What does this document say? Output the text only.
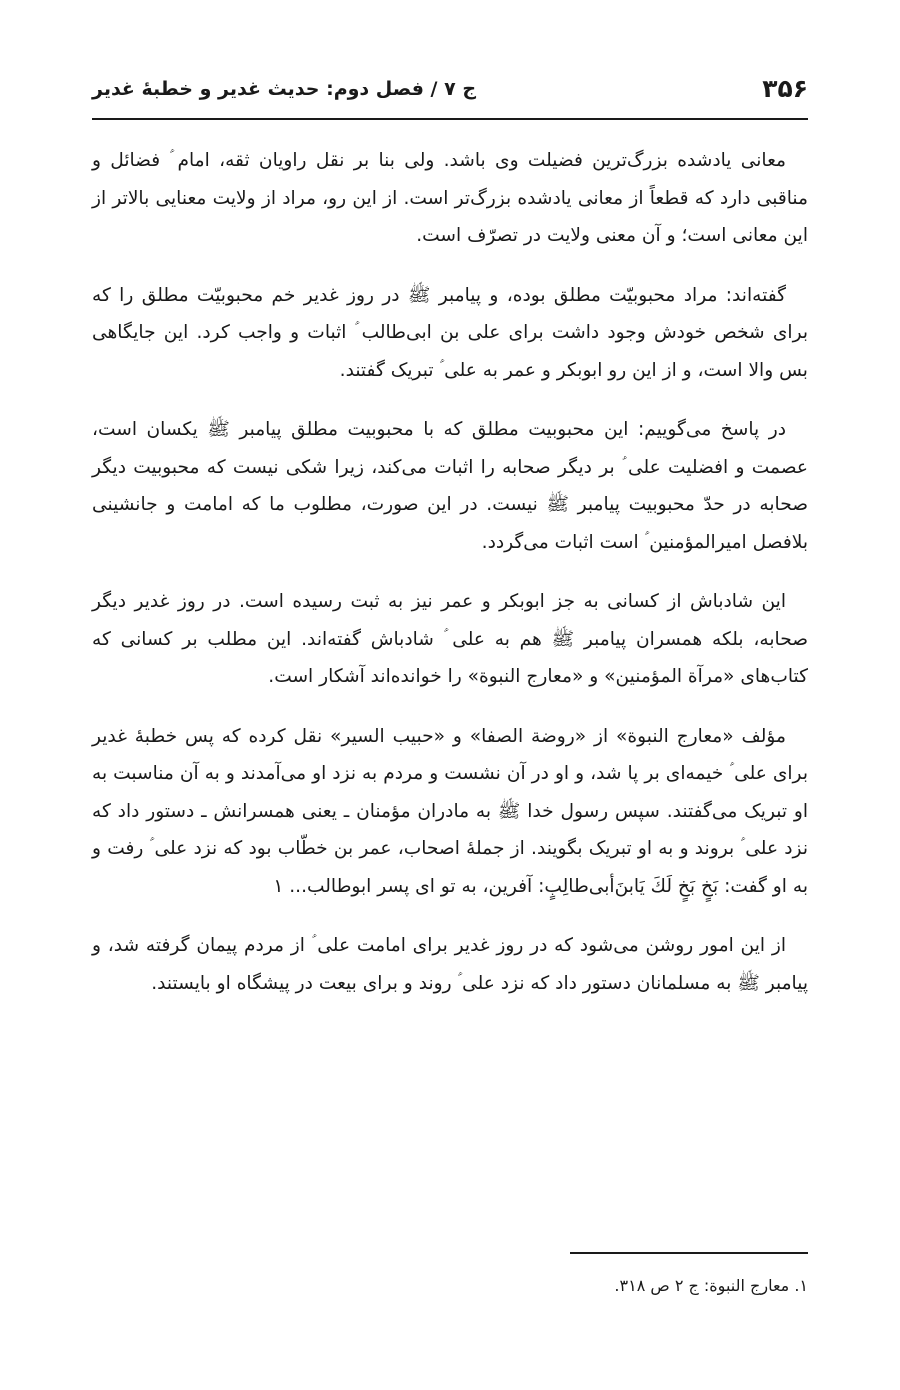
۳۵۶
ج ۷ / فصل دوم: حدیث غدیر و خطبهٔ غدیر

معانی یادشده بزرگ‌ترین فضیلت وی باشد. ولی بنا بر نقل راویان ثقه، امام ؑ فضائل و مناقبی دارد که قطعاً از معانی یادشده بزرگ‌تر است. از این رو، مراد از ولایت معنایی بالاتر از این معانی است؛ و آن معنی ولایت در تصرّف است.

گفته‌اند: مراد محبوبیّت مطلق بوده، و پیامبر ﷺ در روز غدیر خم محبوبیّت مطلق را که برای شخص خودش وجود داشت برای علی بن ابی‌طالب ؑ اثبات و واجب کرد. این جایگاهی بس والا است، و از این رو ابوبکر و عمر به علی ؑ تبریک گفتند.

در پاسخ می‌گوییم: این محبوبیت مطلق که با محبوبیت مطلق پیامبر ﷺ یکسان است، عصمت و افضلیت علی ؑ بر دیگر صحابه را اثبات می‌کند، زیرا شکی نیست که محبوبیت دیگر صحابه در حدّ محبوبیت پیامبر ﷺ نیست. در این صورت، مطلوب ما که امامت و جانشینی بلافصل امیرالمؤمنین ؑ است اثبات می‌گردد.

این شادباش از کسانی به جز ابوبکر و عمر نیز به ثبت رسیده است. در روز غدیر دیگر صحابه، بلکه همسران پیامبر ﷺ هم به علی ؑ شادباش گفته‌اند. این مطلب بر کسانی که کتاب‌های «مرآة المؤمنین» و «معارج النبوة» را خوانده‌اند آشکار است.

مؤلف «معارج النبوة» از «روضة الصفا» و «حبیب السیر» نقل کرده که پس خطبهٔ غدیر برای علی ؑ خیمه‌ای بر پا شد، و او در آن نشست و مردم به نزد او می‌آمدند و به آن مناسبت به او تبریک می‌گفتند. سپس رسول خدا ﷺ به مادران مؤمنان ـ یعنی همسرانش ـ دستور داد که نزد علی ؑ بروند و به او تبریک بگویند. از جملهٔ اصحاب، عمر بن خطّاب بود که نزد علی ؑ رفت و به او گفت: بَخٍ بَخٍ لَكَ يَابنَ‌أبی‌طالِبٍ: آفرین، به تو ای پسر ابوطالب... ۱

از این امور روشن می‌شود که در روز غدیر برای امامت علی ؑ از مردم پیمان گرفته شد، و پیامبر ﷺ به مسلمانان دستور داد که نزد علی ؑ روند و برای بیعت در پیشگاه او بایستند.

۱. معارج النبوة: ج ۲ ص ۳۱۸.
